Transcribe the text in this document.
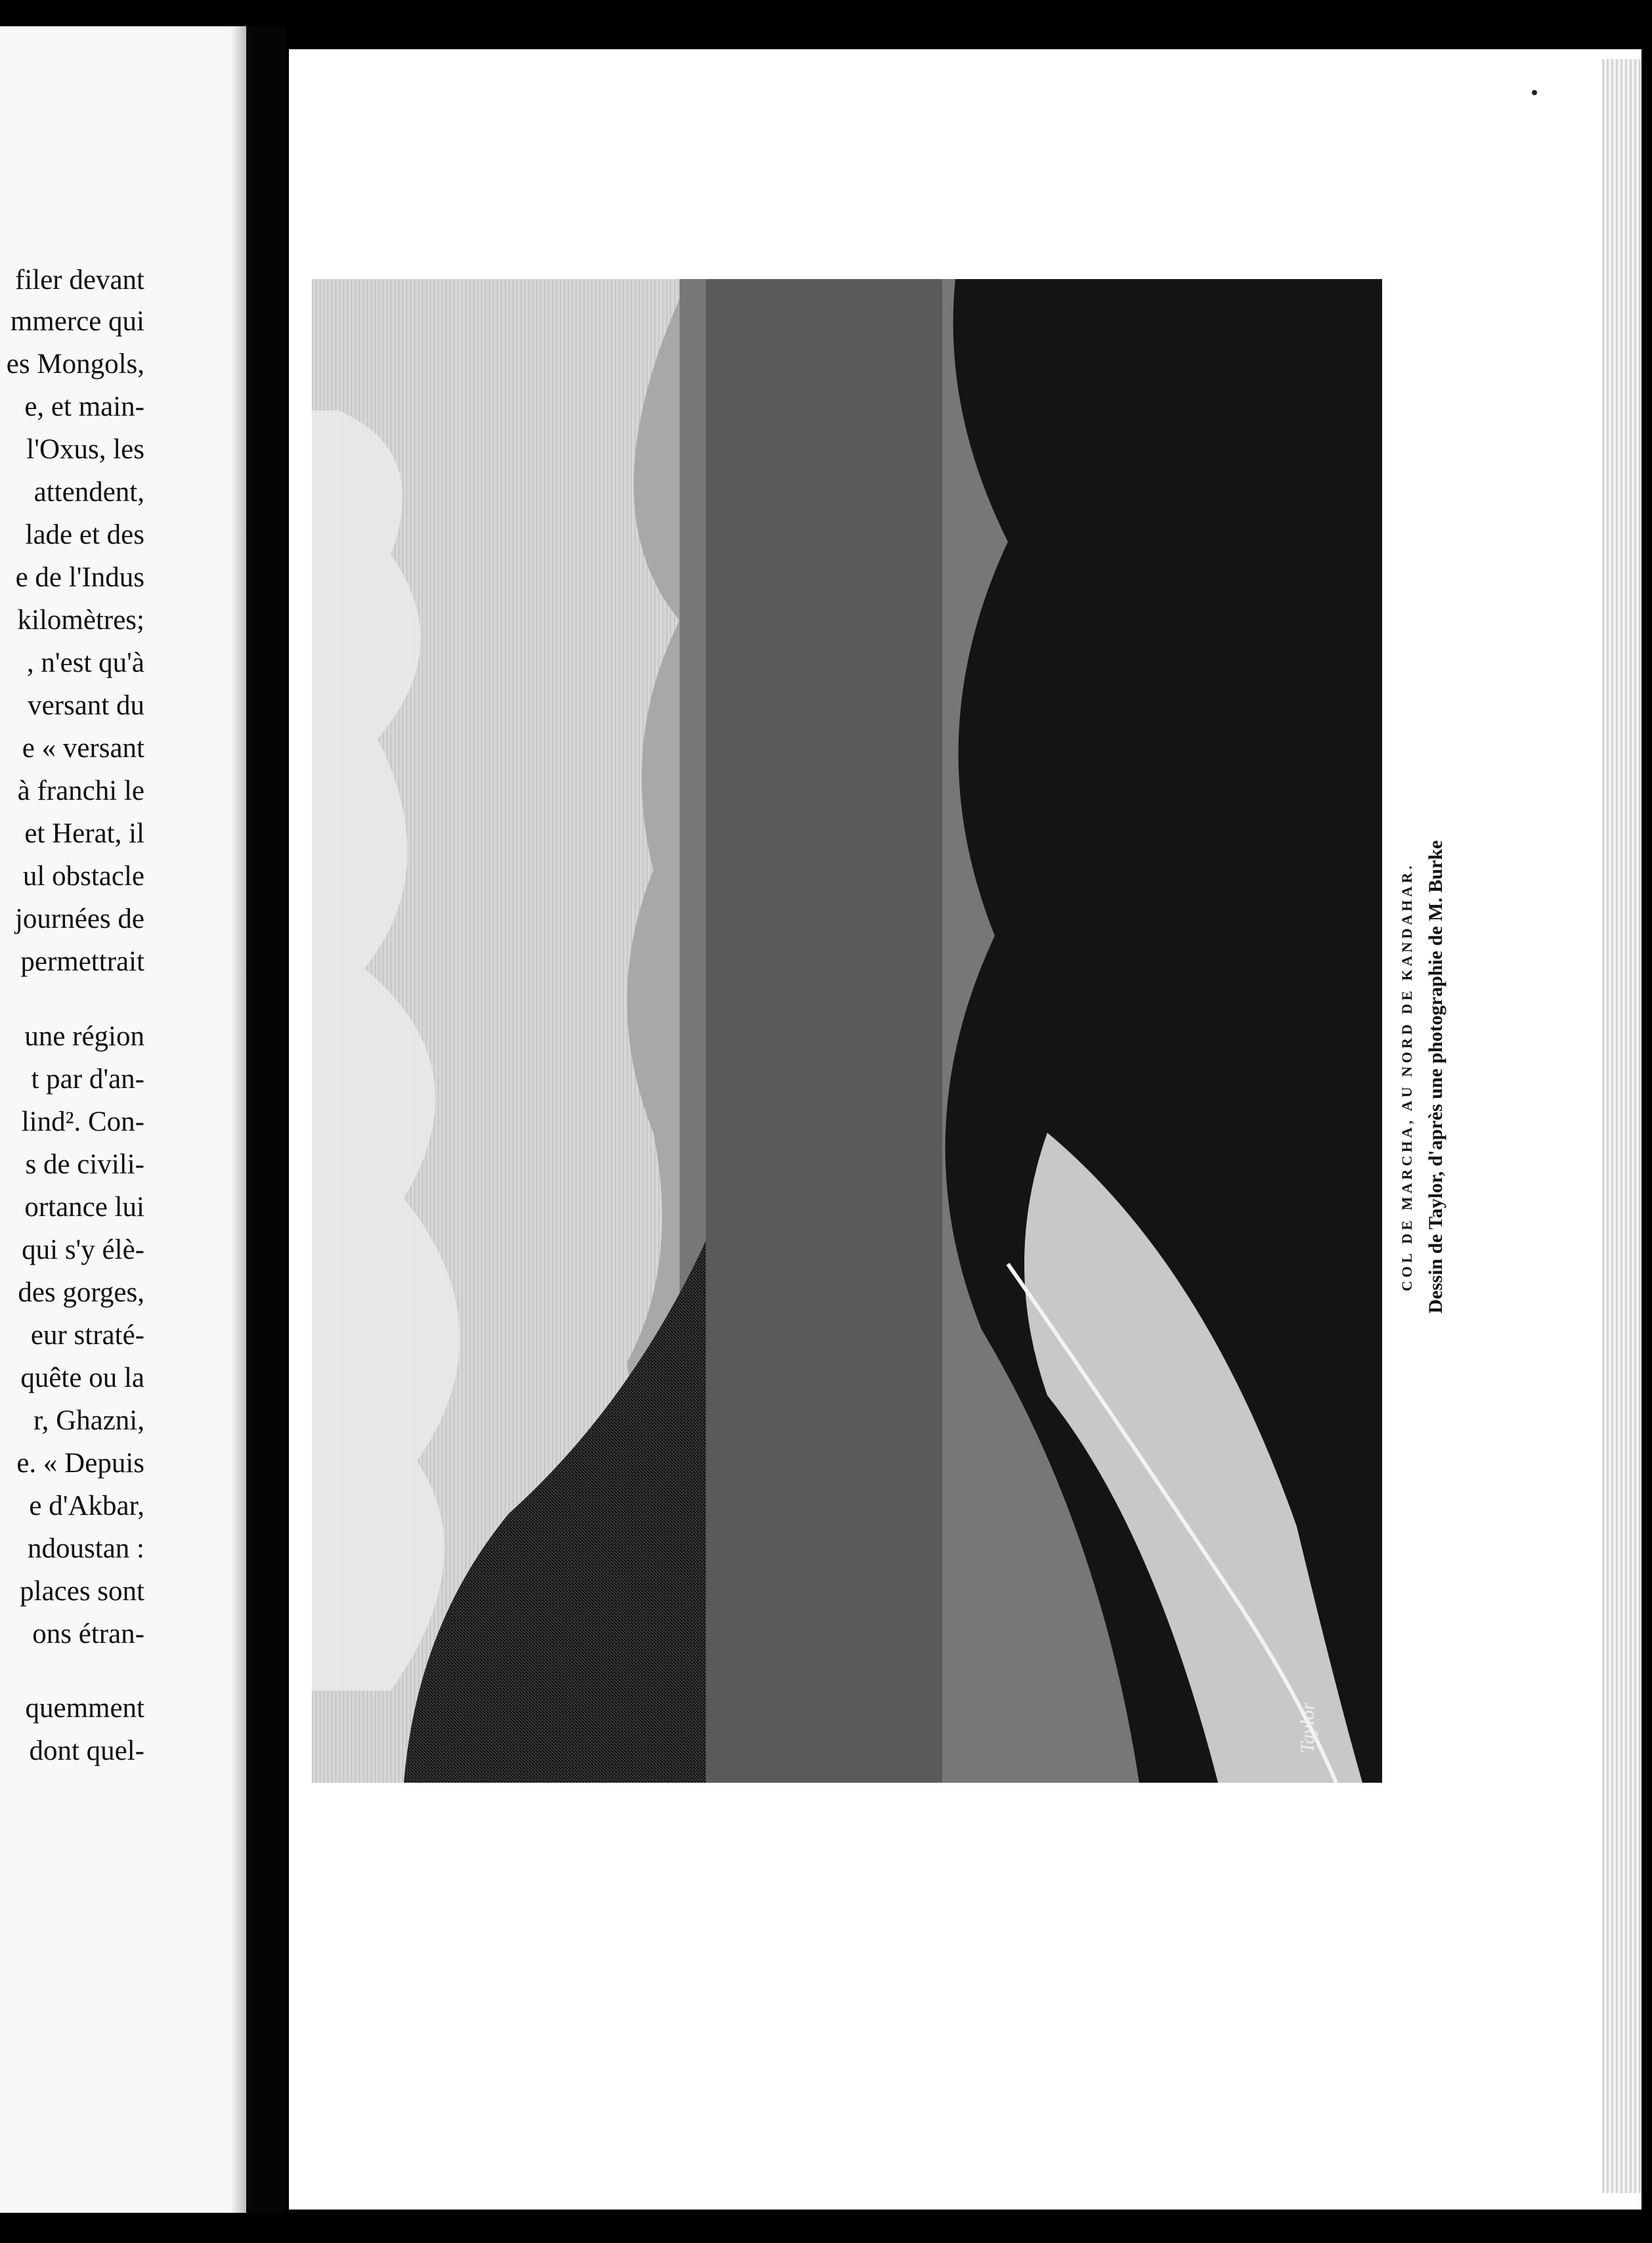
filer devant
mmerce qui
es Mongols,
e, et main-
l'Oxus, les
attendent,
lade et des
e de l'Indus
kilomètres;
, n'est qu'à
versant du
e « versant
à franchi le
et Herat, il
ul obstacle
journées de
permettrait
une région
t par d'an-
lind². Con-
s de civili-
ortance lui
qui s'y élè-
des gorges,
eur straté-
quête ou la
r, Ghazni,
e. « Depuis
e d'Akbar,
ndoustan :
places sont
ons étran-
quemment
dont quel-	Taylor
COL DE MARCHA, AU NORD DE KANDAHAR. Dessin de Taylor, d'après une photographie de M. Burke
